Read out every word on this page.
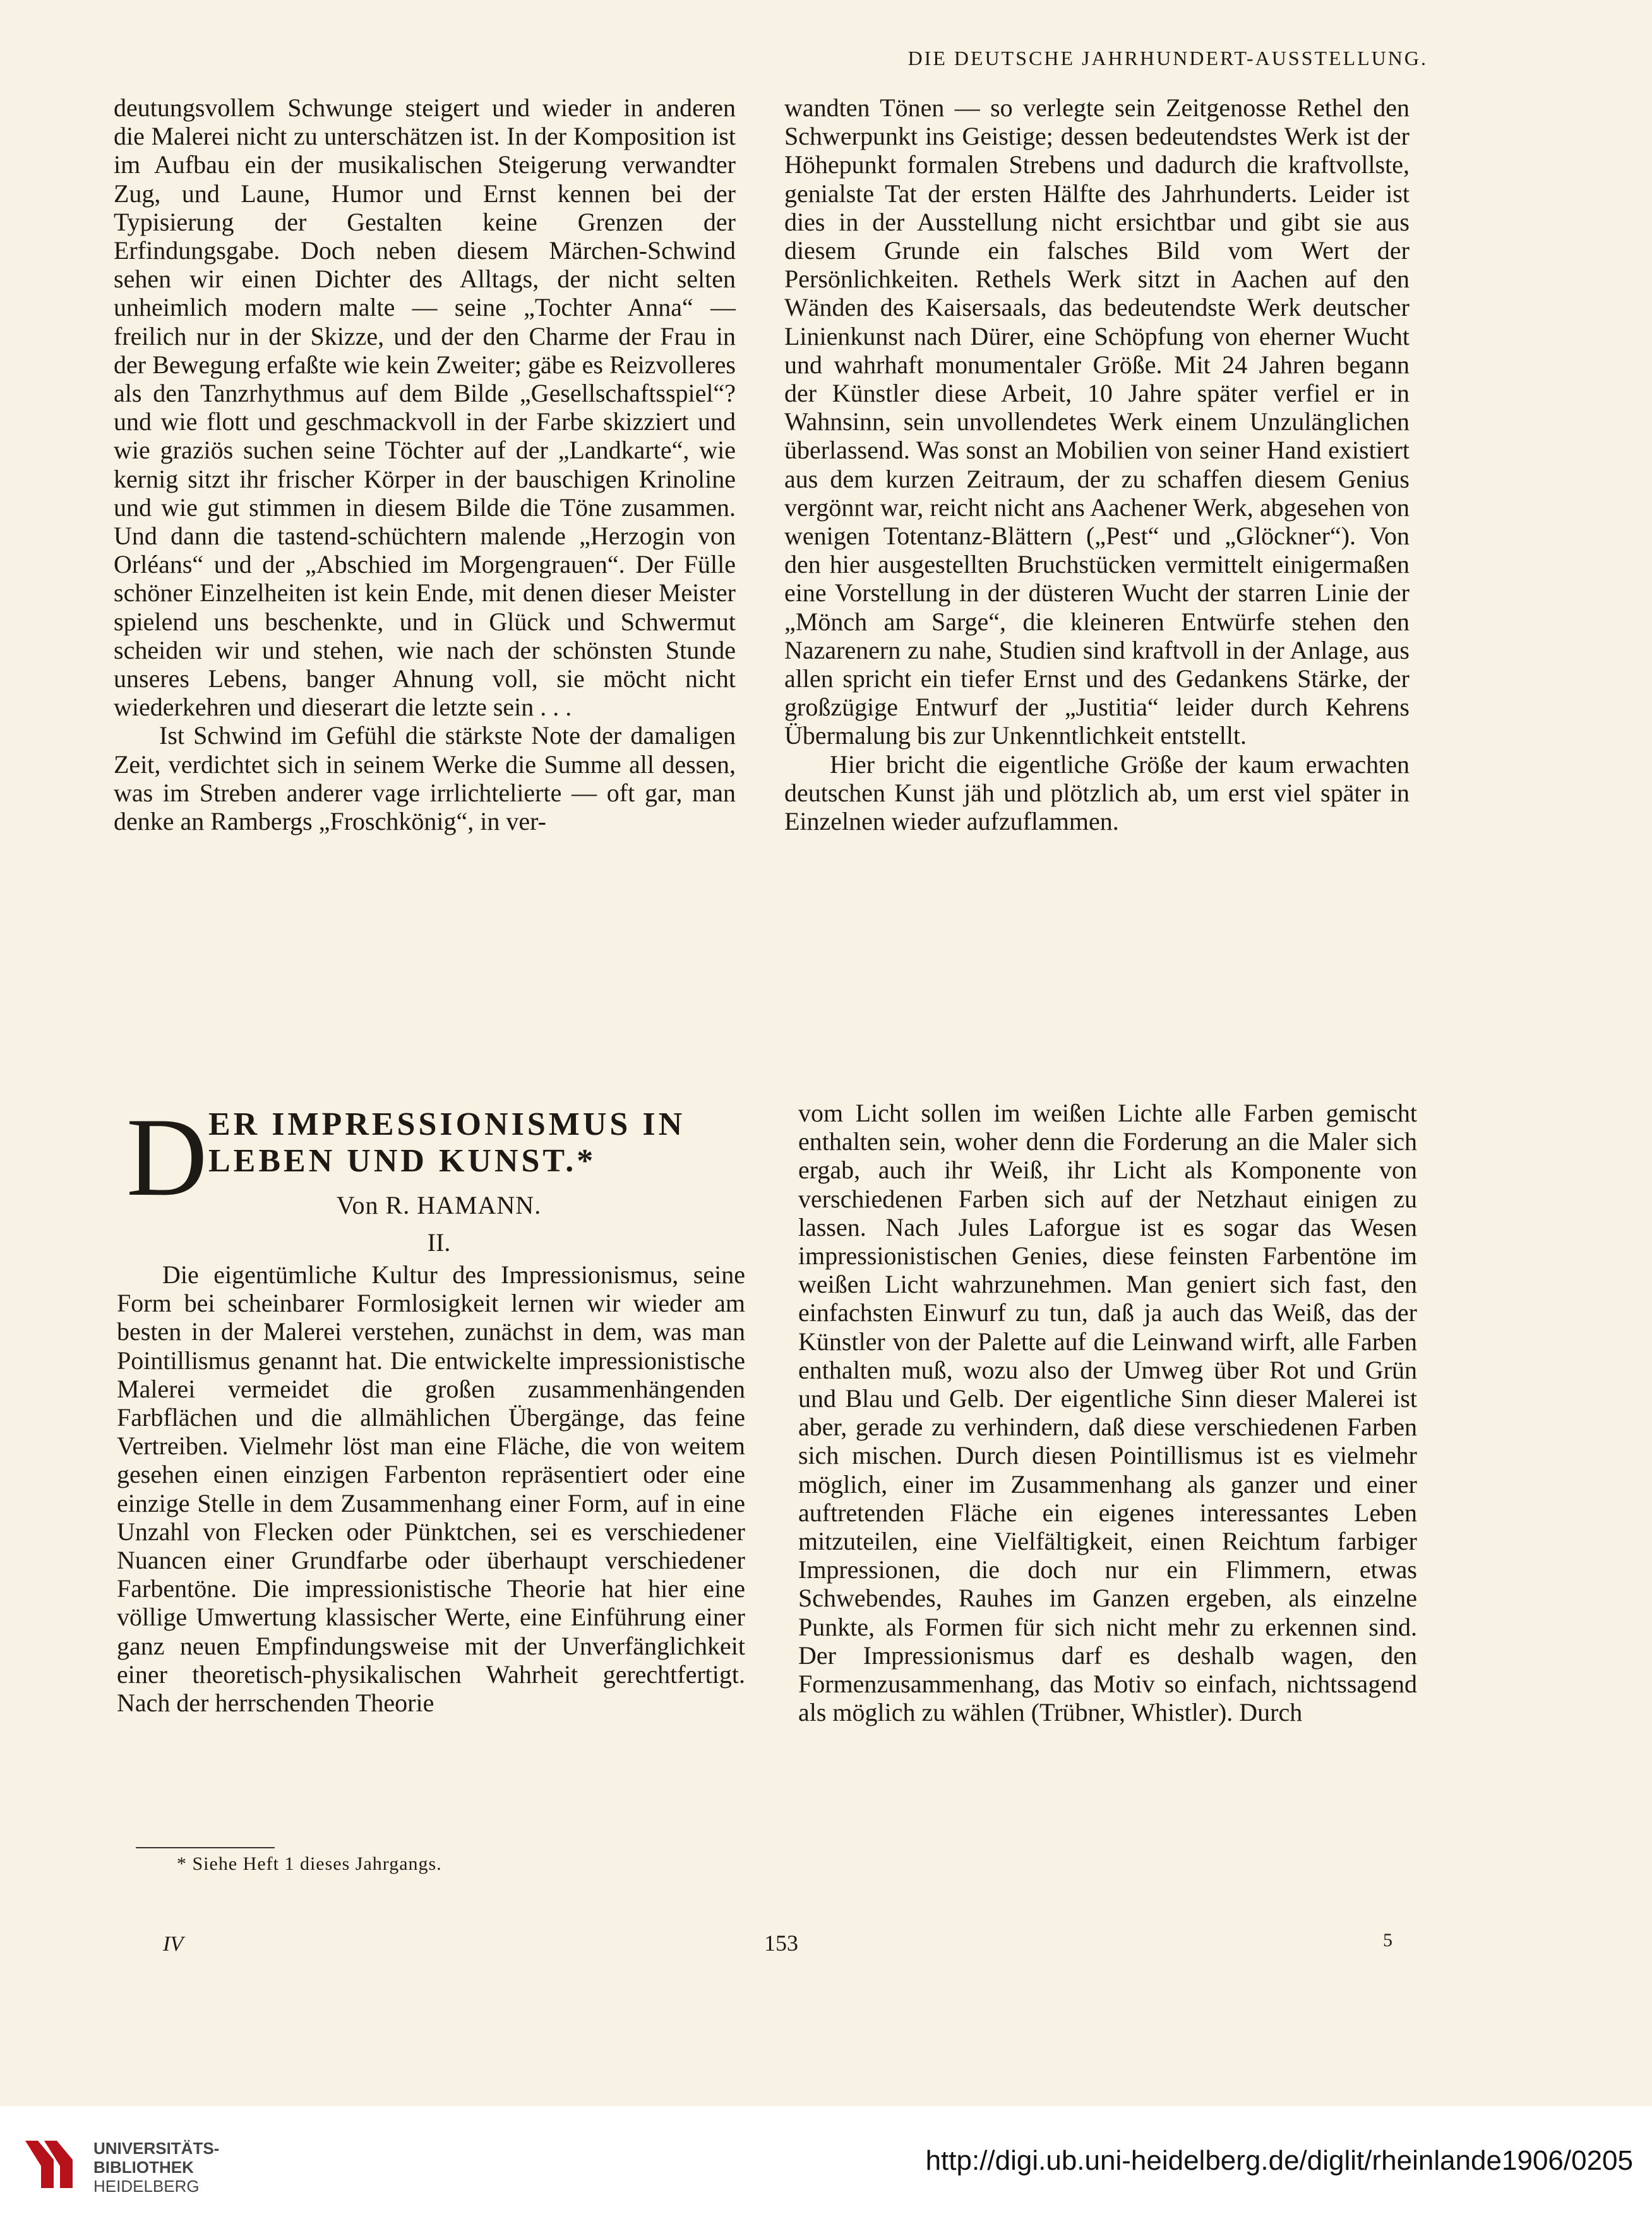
DIE DEUTSCHE JAHRHUNDERT-AUSSTELLUNG.

deutungsvollem Schwunge steigert und wieder in anderen die Malerei nicht zu unterschätzen ist. In der Komposition ist im Aufbau ein der musikalischen Steigerung verwandter Zug, und Laune, Humor und Ernst kennen bei der Typisierung der Gestalten keine Grenzen der Erfindungsgabe. Doch neben diesem Märchen-Schwind sehen wir einen Dichter des Alltags, der nicht selten unheimlich modern malte — seine „Tochter Anna“ — freilich nur in der Skizze, und der den Charme der Frau in der Bewegung erfaßte wie kein Zweiter; gäbe es Reizvolleres als den Tanzrhythmus auf dem Bilde „Gesellschaftsspiel“? und wie flott und geschmackvoll in der Farbe skizziert und wie graziös suchen seine Töchter auf der „Landkarte“, wie kernig sitzt ihr frischer Körper in der bauschigen Krinoline und wie gut stimmen in diesem Bilde die Töne zusammen. Und dann die tastend-schüchtern malende „Herzogin von Orléans“ und der „Abschied im Morgengrauen“. Der Fülle schöner Einzelheiten ist kein Ende, mit denen dieser Meister spielend uns beschenkte, und in Glück und Schwermut scheiden wir und stehen, wie nach der schönsten Stunde unseres Lebens, banger Ahnung voll, sie möcht nicht wiederkehren und dieserart die letzte sein . . .

Ist Schwind im Gefühl die stärkste Note der damaligen Zeit, verdichtet sich in seinem Werke die Summe all dessen, was im Streben anderer vage irrlichtelierte — oft gar, man denke an Rambergs „Froschkönig“, in ver-

wandten Tönen — so verlegte sein Zeitgenosse Rethel den Schwerpunkt ins Geistige; dessen bedeutendstes Werk ist der Höhepunkt formalen Strebens und dadurch die kraftvollste, genialste Tat der ersten Hälfte des Jahrhunderts. Leider ist dies in der Ausstellung nicht ersichtbar und gibt sie aus diesem Grunde ein falsches Bild vom Wert der Persönlichkeiten. Rethels Werk sitzt in Aachen auf den Wänden des Kaisersaals, das bedeutendste Werk deutscher Linienkunst nach Dürer, eine Schöpfung von eherner Wucht und wahrhaft monumentaler Größe. Mit 24 Jahren begann der Künstler diese Arbeit, 10 Jahre später verfiel er in Wahnsinn, sein unvollendetes Werk einem Unzulänglichen überlassend. Was sonst an Mobilien von seiner Hand existiert aus dem kurzen Zeitraum, der zu schaffen diesem Genius vergönnt war, reicht nicht ans Aachener Werk, abgesehen von wenigen Totentanz-Blättern („Pest“ und „Glöckner“). Von den hier ausgestellten Bruchstücken vermittelt einigermaßen eine Vorstellung in der düsteren Wucht der starren Linie der „Mönch am Sarge“, die kleineren Entwürfe stehen den Nazarenern zu nahe, Studien sind kraftvoll in der Anlage, aus allen spricht ein tiefer Ernst und des Gedankens Stärke, der großzügige Entwurf der „Justitia“ leider durch Kehrens Übermalung bis zur Unkenntlichkeit entstellt.

Hier bricht die eigentliche Größe der kaum erwachten deutschen Kunst jäh und plötzlich ab, um erst viel später in Einzelnen wieder aufzuflammen.

D ER IMPRESSIONISMUS IN
LEBEN UND KUNST.*
Von R. HAMANN.
II.

Die eigentümliche Kultur des Impressionismus, seine Form bei scheinbarer Formlosigkeit lernen wir wieder am besten in der Malerei verstehen, zunächst in dem, was man Pointillismus genannt hat. Die entwickelte impressionistische Malerei vermeidet die großen zusammenhängenden Farbflächen und die allmählichen Übergänge, das feine Vertreiben. Vielmehr löst man eine Fläche, die von weitem gesehen einen einzigen Farbenton repräsentiert oder eine einzige Stelle in dem Zusammenhang einer Form, auf in eine Unzahl von Flecken oder Pünktchen, sei es verschiedener Nuancen einer Grundfarbe oder überhaupt verschiedener Farbentöne. Die impressionistische Theorie hat hier eine völlige Umwertung klassischer Werte, eine Einführung einer ganz neuen Empfindungsweise mit der Unverfänglichkeit einer theoretisch-physikalischen Wahrheit gerechtfertigt. Nach der herrschenden Theorie

vom Licht sollen im weißen Lichte alle Farben gemischt enthalten sein, woher denn die Forderung an die Maler sich ergab, auch ihr Weiß, ihr Licht als Komponente von verschiedenen Farben sich auf der Netzhaut einigen zu lassen. Nach Jules Laforgue ist es sogar das Wesen impressionistischen Genies, diese feinsten Farbentöne im weißen Licht wahrzunehmen. Man geniert sich fast, den einfachsten Einwurf zu tun, daß ja auch das Weiß, das der Künstler von der Palette auf die Leinwand wirft, alle Farben enthalten muß, wozu also der Umweg über Rot und Grün und Blau und Gelb. Der eigentliche Sinn dieser Malerei ist aber, gerade zu verhindern, daß diese verschiedenen Farben sich mischen. Durch diesen Pointillismus ist es vielmehr möglich, einer im Zusammenhang als ganzer und einer auftretenden Fläche ein eigenes interessantes Leben mitzuteilen, eine Vielfältigkeit, einen Reichtum farbiger Impressionen, die doch nur ein Flimmern, etwas Schwebendes, Rauhes im Ganzen ergeben, als einzelne Punkte, als Formen für sich nicht mehr zu erkennen sind. Der Impressionismus darf es deshalb wagen, den Formenzusammenhang, das Motiv so einfach, nichtssagend als möglich zu wählen (Trübner, Whistler). Durch

* Siehe Heft 1 dieses Jahrgangs.
IV	153	5
UNIVERSITÄTS-
BIBLIOTHEK
HEIDELBERG
http://digi.ub.uni-heidelberg.de/diglit/rheinlande1906/0205
